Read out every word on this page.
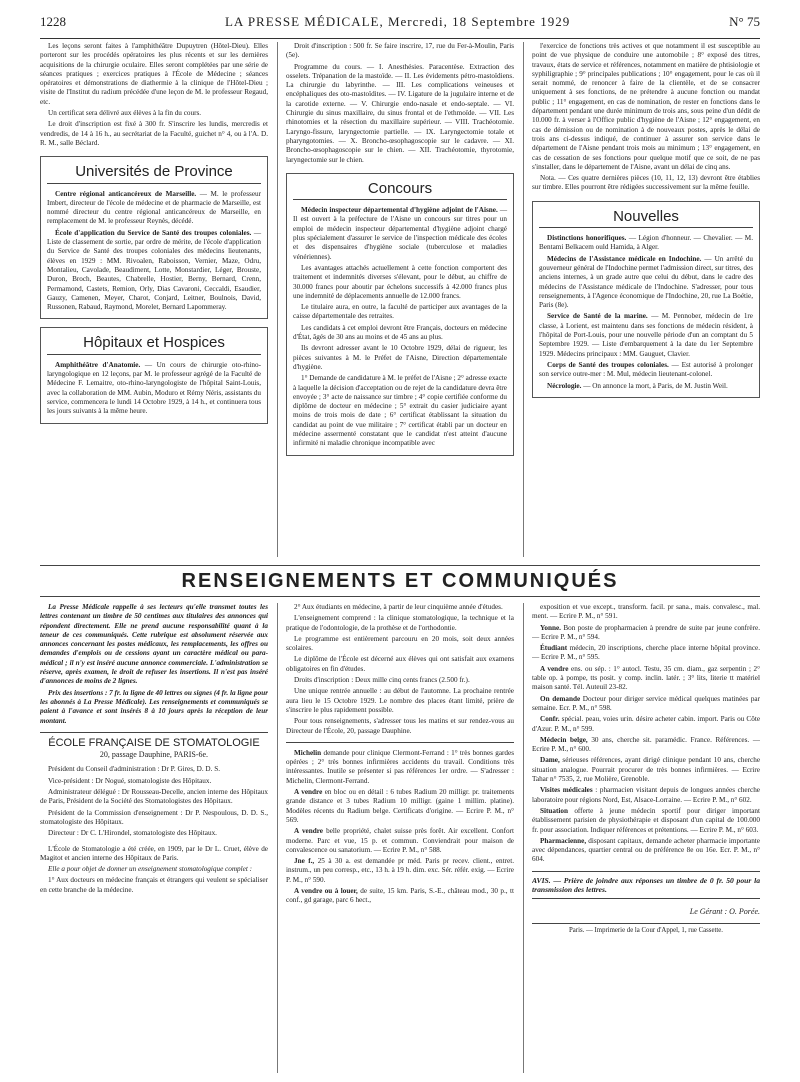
1228	LA PRESSE MÉDICALE, Mercredi, 18 Septembre 1929	N° 75

Les leçons seront faites à l'amphithéâtre Dupuytren (Hôtel-Dieu). Elles porteront sur les procédés opératoires les plus récents et sur les dernières acquisitions de la chirurgie oculaire. Elles seront complétées par une série de séances pratiques ; exercices pratiques à l'École de Médecine ; séances opératoires et démonstrations de diathermie à la clinique de l'Hôtel-Dieu ; visite de l'Institut du radium précédée d'une leçon de M. le professeur Regaud, etc.

Un certificat sera délivré aux élèves à la fin du cours.

Le droit d'inscription est fixé à 300 fr. S'inscrire les lundis, mercredis et vendredis, de 14 à 16 h., au secrétariat de la Faculté, guichet n° 4, ou à l'A. D. R. M., salle Béclard.

Universités de Province

Centre régional anticancéreux de Marseille. — M. le professeur Imbert, directeur de l'école de médecine et de pharmacie de Marseille, est nommé directeur du centre régional anticancéreux de Marseille, en remplacement de M. le professeur Reynès, décédé.

École d'application du Service de Santé des troupes coloniales. — Liste de classement de sortie, par ordre de mérite, de l'école d'application du Service de Santé des troupes coloniales des médecins lieutenants, élèves en 1929 : MM. Rivoalen, Raboisson, Vernier, Maze, Odru, Montalieu, Cavolade, Beaudiment, Lotte, Monstardier, Léger, Brouste, Duron, Broch, Beautes, Chabrelle, Hostier, Berny, Bernard, Crenn, Permamond, Castets, Remion, Orly, Dias Cavaroni, Ceccaldi, Esaudier, Gauzy, Camenen, Meyer, Charot, Conjard, Leitner, Boulnois, David, Russonen, Rabaud, Raymond, Morelet, Bernard Lapommeray.

Hôpitaux et Hospices

Amphithéâtre d'Anatomie. — Un cours de chirurgie oto-rhino-laryngologique en 12 leçons, par M. le professeur agrégé de la Faculté de Médecine F. Lemaitre, oto-rhino-laryngologiste de l'hôpital Saint-Louis, avec la collaboration de MM. Aubin, Moduro et Rémy Néris, assistants du service, commencera le lundi 14 Octobre 1929, à 14 h., et continuera tous les jours suivants à la même heure.

Droit d'inscription : 500 fr. Se faire inscrire, 17, rue du Fer-à-Moulin, Paris (5e).

Programme du cours. — I. Anesthésies. Paracentèse. Extraction des osselets. Trépanation de la mastoïde. — II. Les évidements pétro-mastoïdiens. La chirurgie du labyrinthe. — III. Les complications veineuses et encéphaliques des oto-mastoïdites. — IV. Ligature de la jugulaire interne et de la carotide externe. — V. Chirurgie endo-nasale et endo-septale. — VI. Chirurgie du sinus maxillaire, du sinus frontal et de l'ethmoïde. — VII. Les rhinotomies et la résection du maxillaire supérieur. — VIII. Trachéotomie. Laryngo-fissure, laryngectomie partielle. — IX. Laryngectomie totale et pharyngotomies. — X. Broncho-œsophagoscopie sur le cadavre. — XI. Broncho-œsophagoscopie sur le chien. — XII. Trachéotomie, thyrotomie, laryngectomie sur le chien.

Concours

Médecin inspecteur départemental d'hygiène adjoint de l'Aisne. — Il est ouvert à la préfecture de l'Aisne un concours sur titres pour un emploi de médecin inspecteur départemental d'hygiène adjoint chargé plus spécialement d'assurer le service de l'inspection médicale des écoles et des dispensaires d'hygiène sociale (tuberculose et maladies vénériennes).

Les avantages attachés actuellement à cette fonction comportent des traitement et indemnités diverses s'élevant, pour le début, au chiffre de 30.000 francs pour aboutir par échelons successifs à 42.000 francs plus une indemnité de déplacements annuelle de 12.000 francs.

Le titulaire aura, en outre, la faculté de participer aux avantages de la caisse départementale des retraites.

Les candidats à cet emploi devront être Français, docteurs en médecine d'État, âgés de 30 ans au moins et de 45 ans au plus.

Ils devront adresser avant le 10 Octobre 1929, délai de rigueur, les pièces suivantes à M. le Préfet de l'Aisne, Direction départementale d'hygiène.

1° Demande de candidature à M. le préfet de l'Aisne ; 2° adresse exacte à laquelle la décision d'acceptation ou de rejet de la candidature devra être envoyée ; 3° acte de naissance sur timbre ; 4° copie certifiée conforme du diplôme de docteur en médecine ; 5° extrait du casier judiciaire ayant moins de trois mois de date ; 6° certificat établissant la situation du candidat au point de vue militaire ; 7° certificat établi par un docteur en médecine assermenté constatant que le candidat n'est atteint d'aucune infirmité ni maladie chronique incompatible avec

l'exercice de fonctions très actives et que notamment il est susceptible au point de vue physique de conduire une automobile ; 8° exposé des titres, travaux, états de service et références, notamment en matière de phtisiologie et syphiligraphie ; 9° principales publications ; 10° engagement, pour le cas où il serait nommé, de renoncer à faire de la clientèle, et de se consacrer uniquement à ses fonctions, de ne prétendre à aucune fonction ou mandat public ; 11° engagement, en cas de nomination, de rester en fonctions dans le département pendant une durée minimum de trois ans, sous peine d'un dédit de 10.000 fr. à verser à l'Office public d'hygiène de l'Aisne ; 12° engagement, en cas de démission ou de nomination à de nouveaux postes, après le délai de trois ans ci-dessus indiqué, de continuer à assurer son service dans le département de l'Aisne pendant trois mois au minimum ; 13° engagement, en cas de cessation de ses fonctions pour quelque motif que ce soit, de ne pas s'installer, dans le département de l'Aisne, avant un délai de cinq ans.

Nota. — Ces quatre dernières pièces (10, 11, 12, 13) devront être établies sur timbre. Elles pourront être rédigées successivement sur la même feuille.

Nouvelles

Distinctions honorifiques. — Légion d'honneur. — Chevalier. — M. Bentami Belkacem ould Hamida, à Alger.

Médecins de l'Assistance médicale en Indochine. — Un arrêté du gouverneur général de l'Indochine permet l'admission direct, sur titres, des anciens internes, à un grade autre que celui du début, dans le cadre des médecins de l'Assistance médicale de l'Indochine. S'adresser, pour tous renseignements, à l'Agence économique de l'Indochine, 20, rue La Boétie, Paris (8e).

Service de Santé de la marine. — M. Pennober, médecin de 1re classe, à Lorient, est maintenu dans ses fonctions de médecin résident, à l'hôpital de Port-Louis, pour une nouvelle période d'un an comptant du 5 Septembre 1929. — Liste d'embarquement à la date du 1er Septembre 1929. Médecins principaux : MM. Gauguet, Clavier.

Corps de Santé des troupes coloniales. — Est autorisé à prolonger son service outre-mer : M. Mul, médecin lieutenant-colonel.

Nécrologie. — On annonce la mort, à Paris, de M. Justin Weil.

RENSEIGNEMENTS ET COMMUNIQUÉS

La Presse Médicale rappelle à ses lecteurs qu'elle transmet toutes les lettres contenant un timbre de 50 centimes aux titulaires des annonces qui répondent directement. Elle ne prend aucune responsabilité quant à la teneur de ces communiqués. Cette rubrique est absolument réservée aux annonces concernant les postes médicaux, les remplacements, les offres ou demandes d'emplois ou de cessions ayant un caractère médical ou para-médical ; il n'y est inséré aucune annonce commerciale. L'administration se réserve, après examen, le droit de refuser les insertions. Il n'est pas inséré d'annonces de moins de 2 lignes.

Prix des insertions : 7 fr. la ligne de 40 lettres ou signes (4 fr. la ligne pour les abonnés à La Presse Médicale). Les renseignements et communiqués se paient à l'avance et sont insérés 8 à 10 jours après la réception de leur montant.

ÉCOLE FRANÇAISE DE STOMATOLOGIE
20, passage Dauphine, PARIS-6e.

Président du Conseil d'administration : Dr P. Gires, D. D. S.

Vice-président : Dr Nogué, stomatologiste des Hôpitaux.

Administrateur délégué : Dr Rousseau-Decelle, ancien interne des Hôpitaux de Paris, Président de la Société des Stomatologistes des Hôpitaux.

Président de la Commission d'enseignement : Dr P. Nespoulous, D. D. S., stomatologiste des Hôpitaux.

Directeur : Dr C. L'Hirondel, stomatologiste des Hôpitaux.

L'École de Stomatologie a été créée, en 1909, par le Dr L. Cruet, élève de Magitot et ancien interne des Hôpitaux de Paris.

Elle a pour objet de donner un enseignement stomatologique complet :

1° Aux docteurs en médecine français et étrangers qui veulent se spécialiser en cette branche de la médecine.

2° Aux étudiants en médecine, à partir de leur cinquième année d'études.

L'enseignement comprend : la clinique stomatologique, la technique et la pratique de l'odontologie, de la prothèse et de l'orthodontie.

Le programme est entièrement parcouru en 20 mois, soit deux années scolaires.

Le diplôme de l'École est décerné aux élèves qui ont satisfait aux examens obligatoires en fin d'études.

Droits d'inscription : Deux mille cinq cents francs (2.500 fr.).

Une unique rentrée annuelle : au début de l'automne. La prochaine rentrée aura lieu le 15 Octobre 1929. Le nombre des places étant limité, prière de s'inscrire le plus rapidement possible.

Pour tous renseignements, s'adresser tous les matins et sur rendez-vous au Directeur de l'École, 20, passage Dauphine.

Michelin demande pour clinique Clermont-Ferrand : 1° très bonnes gardes opérées ; 2° très bonnes infirmières accidents du travail. Conditions très intéressantes. Inutile se présenter si pas références 1er ordre. — S'adresser : Michelin, Clermont-Ferrand.

A vendre en bloc ou en détail : 6 tubes Radium 20 milligr. pr. traitements grande distance et 3 tubes Radium 10 milligr. (gaine 1 millim. platine). Modèles récents du Radium belge. Certificats d'origine. — Ecrire P. M., n° 569.

A vendre belle propriété, chalet suisse près forêt. Air excellent. Confort moderne. Parc et vue, 15 p. et commun. Conviendrait pour maison de convalescence ou sanatorium. — Ecrire P. M., n° 588.

Jne f., 25 à 30 a. est demandée pr méd. Paris pr recev. client., entret. instrum., un peu corresp., etc., 13 h. à 19 h. dim. exc. Sér. référ. exig. — Ecrire P. M., n° 590.

A vendre ou à louer, de suite, 15 km. Paris, S.-E., château mod., 30 p., tt conf., gd garage, parc 6 hect.,

exposition et vue except., transform. facil. pr sana., mais. convalesc., mal. ment. — Ecrire P. M., n° 591.

Yonne. Bon poste de propharmacien à prendre de suite par jeune confrère. — Ecrire P. M., n° 594.

Étudiant médecin, 20 inscriptions, cherche place interne hôpital province. — Ecrire P. M., n° 595.

A vendre ens. ou sép. : 1° autocl. Testu, 35 cm. diam., gaz serpentin ; 2° table op. à pompe, tts posit. y comp. inclin. latér. ; 3° lits, literie tt matériel maison santé. Tél. Auteuil 23-82.

On demande Docteur pour diriger service médical quelques matinées par semaine. Ecr. P. M., n° 598.

Confr. spécial. peau, voies urin. désire acheter cabin. import. Paris ou Côte d'Azur. P. M., n° 599.

Médecin belge, 30 ans, cherche sit. paramédic. France. Références. — Ecrire P. M., n° 600.

Dame, sérieuses références, ayant dirigé clinique pendant 10 ans, cherche situation analogue. Pourrait procurer de très bonnes infirmières. — Ecrire Tahar n° 7535, 2, rue Molière, Grenoble.

Visites médicales : pharmacien visitant depuis de longues années cherche laboratoire pour régions Nord, Est, Alsace-Lorraine. — Ecrire P. M., n° 602.

Situation offerte à jeune médecin sportif pour diriger important établissement parisien de physiothérapie et disposant d'un capital de 100.000 fr. pour association. Indiquer références et prétentions. — Ecrire P. M., n° 603.

Pharmacienne, disposant capitaux, demande acheter pharmacie importante avec dépendances, quartier central ou de préférence 8e ou 16e. Ecr. P. M., n° 604.

AVIS. — Prière de joindre aux réponses un timbre de 0 fr. 50 pour la transmission des lettres.
Le Gérant : O. Porée.
Paris. — Imprimerie de la Cour d'Appel, 1, rue Cassette.
